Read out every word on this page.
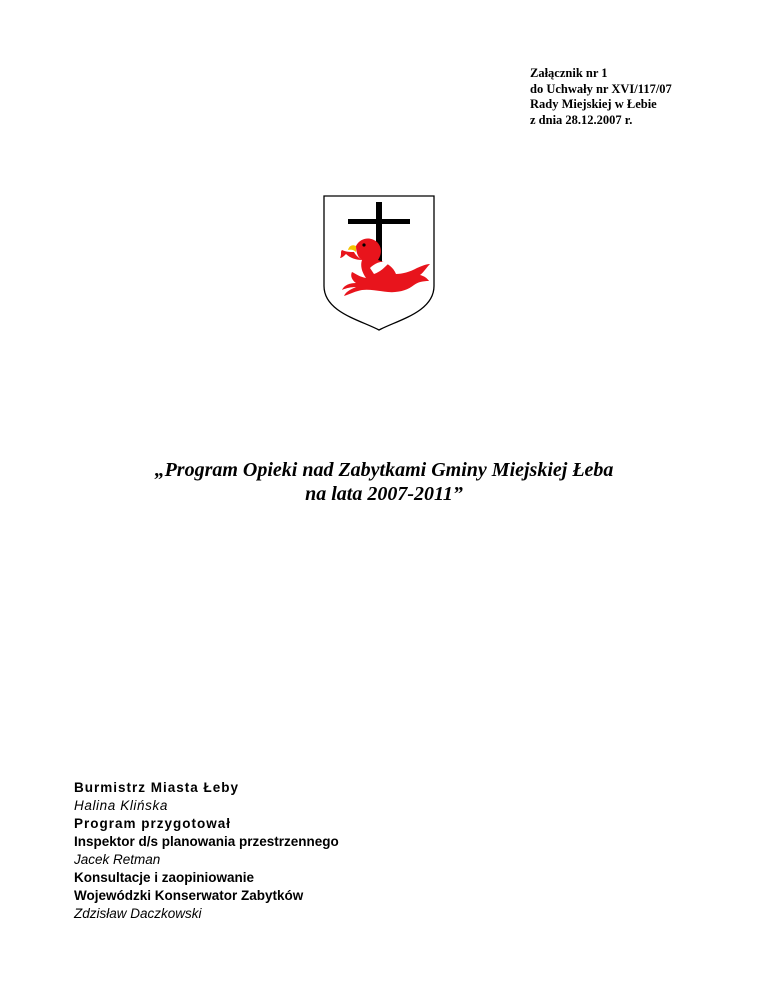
Załącznik nr 1
do Uchwały nr XVI/117/07
Rady Miejskiej w Łebie
z dnia 28.12.2007 r.
„Program Opieki nad Zabytkami Gminy Miejskiej Łeba
na lata 2007-2011”
Burmistrz Miasta Łeby
Halina Klińska
Program przygotował
Inspektor d/s planowania przestrzennego
Jacek Retman
Konsultacje i zaopiniowanie
Wojewódzki Konserwator Zabytków
Zdzisław Daczkowski
